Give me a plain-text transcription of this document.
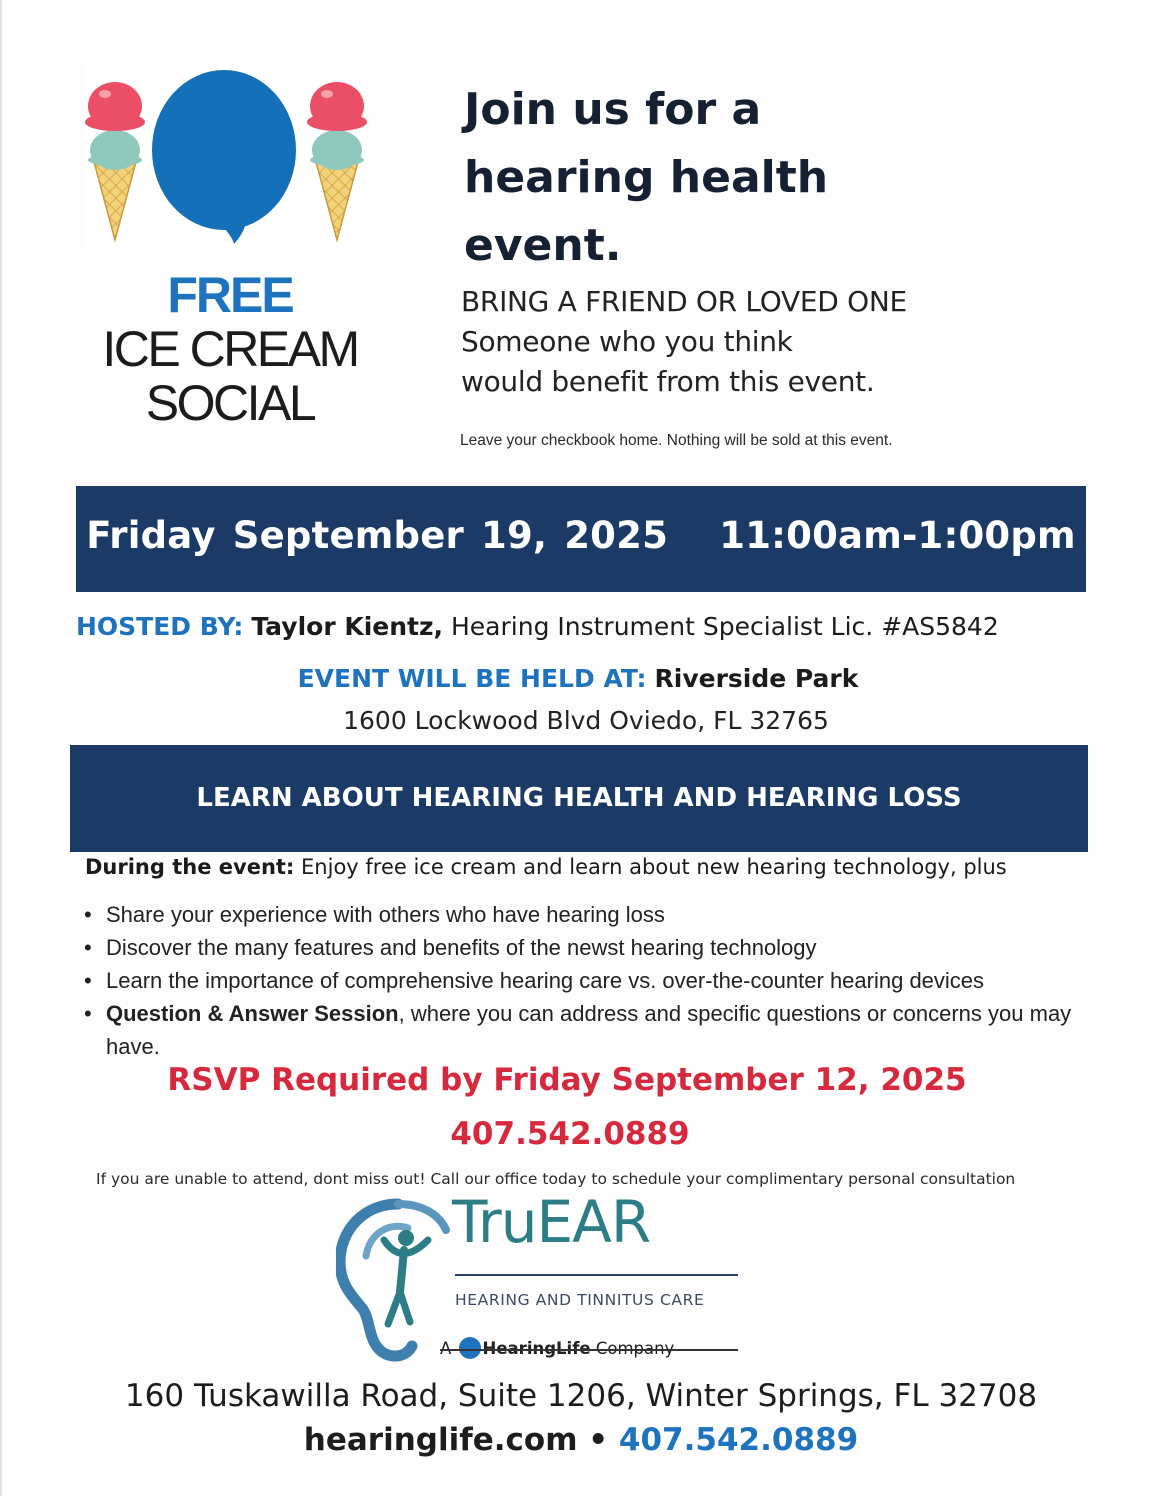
FREE
ICE CREAM
SOCIAL
Join us for a
hearing health
event.
BRING A FRIEND OR LOVED ONE
Someone who you think
would benefit from this event.
Leave your checkbook home. Nothing will be sold at this event.
Friday September 19, 2025 11:00am-1:00pm
HOSTED BY: Taylor Kientz, Hearing Instrument Specialist Lic. #AS5842
EVENT WILL BE HELD AT: Riverside Park
1600 Lockwood Blvd Oviedo, FL 32765
LEARN ABOUT HEARING HEALTH AND HEARING LOSS
During the event: Enjoy free ice cream and learn about new hearing technology, plus
• Share your experience with others who have hearing loss
• Discover the many features and benefits of the newst hearing technology
• Learn the importance of comprehensive hearing care vs. over-the-counter hearing devices
• Question & Answer Session, where you can address and specific questions or concerns you may have.
RSVP Required by Friday September 12, 2025
407.542.0889
If you are unable to attend, dont miss out! Call our office today to schedule your complimentary personal consultation
TruEAR
HEARING AND TINNITUS CARE
160 Tuskawilla Road, Suite 1206, Winter Springs, FL 32708
hearinglife.com • 407.542.0889
